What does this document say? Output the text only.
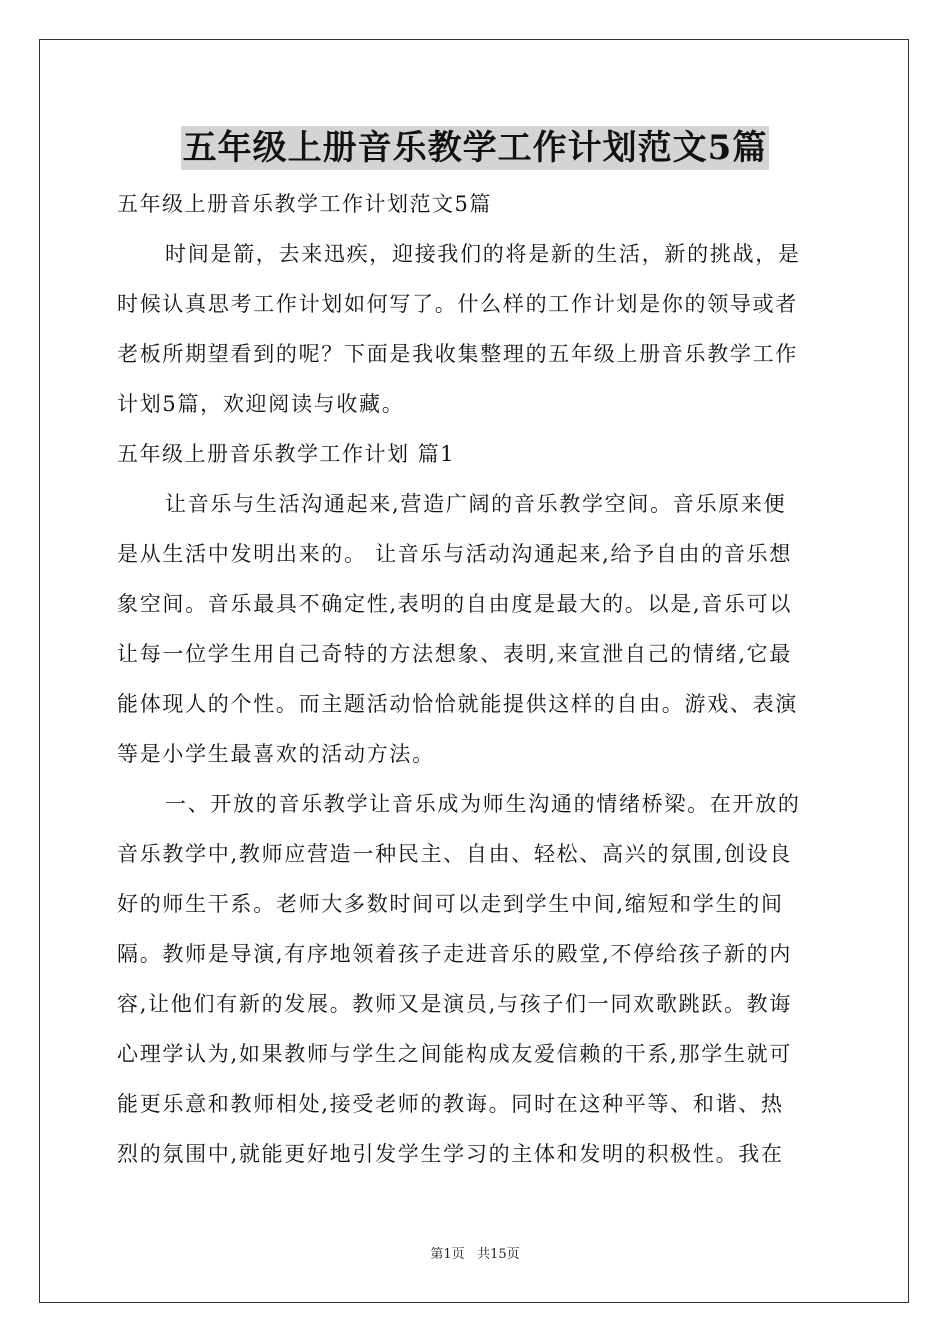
五年级上册音乐教学工作计划范文5篇
五年级上册音乐教学工作计划范文5篇
时间是箭，去来迅疾，迎接我们的将是新的生活，新的挑战，是
时候认真思考工作计划如何写了。什么样的工作计划是你的领导或者
老板所期望看到的呢？下面是我收集整理的五年级上册音乐教学工作
计划5篇，欢迎阅读与收藏。
五年级上册音乐教学工作计划 篇1
让音乐与生活沟通起来,营造广阔的音乐教学空间。音乐原来便
是从生活中发明出来的。 让音乐与活动沟通起来,给予自由的音乐想
象空间。音乐最具不确定性,表明的自由度是最大的。以是,音乐可以
让每一位学生用自己奇特的方法想象、表明,来宣泄自己的情绪,它最
能体现人的个性。而主题活动恰恰就能提供这样的自由。游戏、表演
等是小学生最喜欢的活动方法。
一、开放的音乐教学让音乐成为师生沟通的情绪桥梁。在开放的
音乐教学中,教师应营造一种民主、自由、轻松、高兴的氛围,创设良
好的师生干系。老师大多数时间可以走到学生中间,缩短和学生的间
隔。教师是导演,有序地领着孩子走进音乐的殿堂,不停给孩子新的内
容,让他们有新的发展。教师又是演员,与孩子们一同欢歌跳跃。教诲
心理学认为,如果教师与学生之间能构成友爱信赖的干系,那学生就可
能更乐意和教师相处,接受老师的教诲。同时在这种平等、和谐、热
烈的氛围中,就能更好地引发学生学习的主体和发明的积极性。我在
第1页 共15页
